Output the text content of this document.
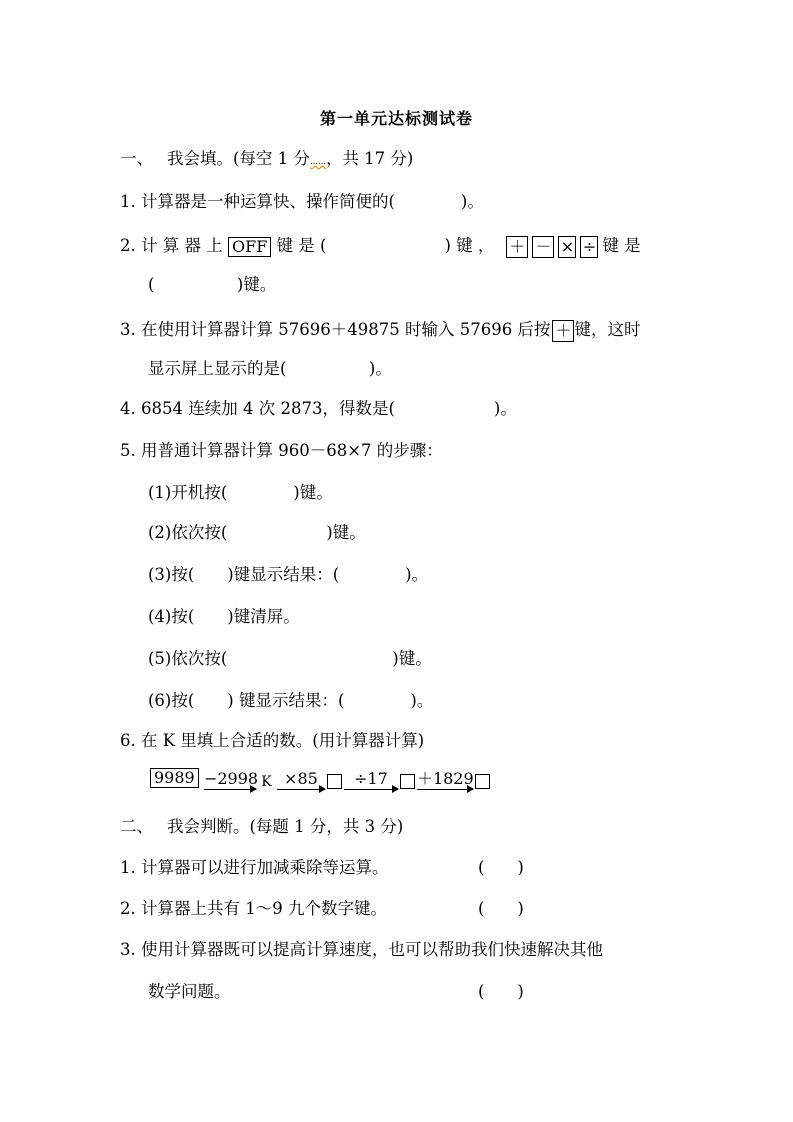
第一单元达标测试卷
一、 我会填。(每空 1 分……，共 17 分)
1. 计算器是一种运算快、操作简便的(　　　　)。
2. 计 算 器 上 OFF 键 是 (	) 键 ， ＋ － × ÷ 键 是
(　　　　　)键。
3. 在使用计算器计算 57696＋49875 时输入 57696 后按 ＋ 键，这时
显示屏上显示的是(　　　　　)。
4. 6854 连续加 4 次 2873，得数是(　　　　　　)。
5. 用普通计算器计算 960－68×7 的步骤：
(1)开机按(　　　　)键。
(2)依次按(　　　　　　)键。
(3)按(　　)键显示结果：(　　　　)。
(4)按(　　)键清屏。
(5)依次按(　　　　　　　　　　)键。
(6)按(　　) 键显示结果：(　　　　)。
6. 在 K 里填上合适的数。(用计算器计算)
9989 −2998 K ×85	÷17	＋1829
二、 我会判断。(每题 1 分，共 3 分)
1. 计算器可以进行加减乘除等运算。	(　　)
2. 计算器上共有 1～9 九个数字键。	(　　)
3. 使用计算器既可以提高计算速度，也可以帮助我们快速解决其他
数学问题。	(　　)
